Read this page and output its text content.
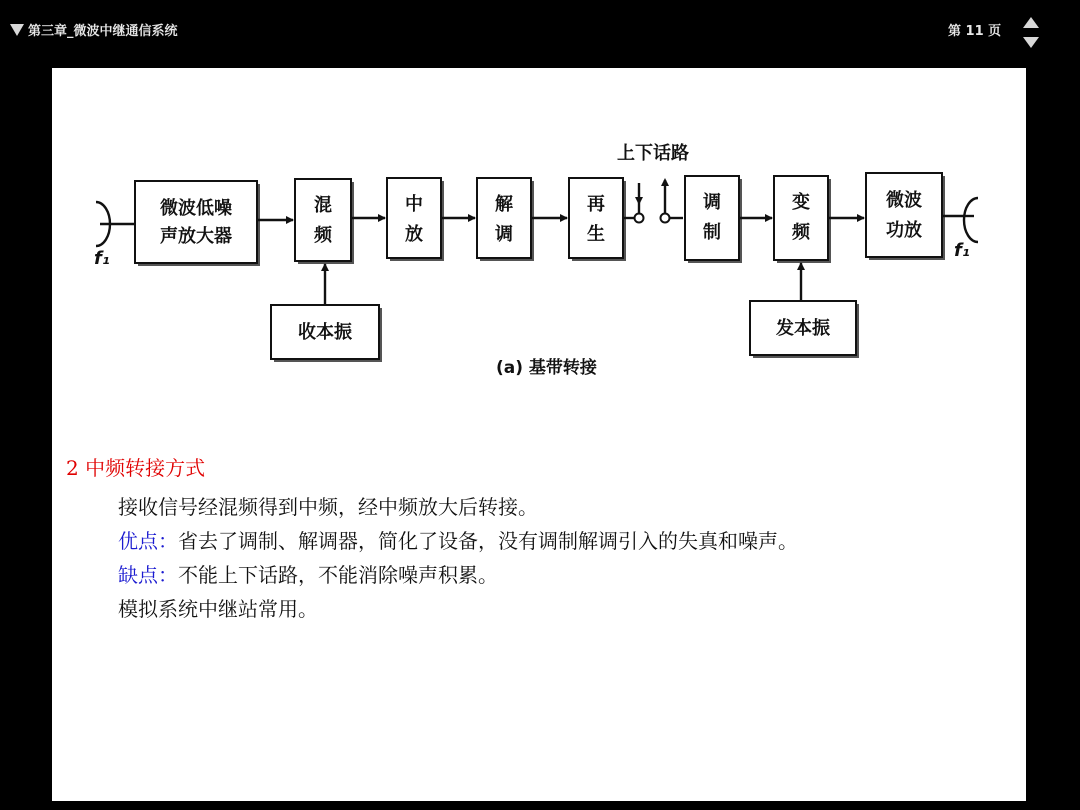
第三章_微波中继通信系统	第 11 页
f₁
微波低噪
声放大器
混
频
中
放
解
调
再
生
调
制
变
频
微波
功放
收本振	发本振
上下话路
f₁
(a) 基带转接
2 中频转接方式

接收信号经混频得到中频，经中频放大后转接。

优点：省去了调制、解调器，简化了设备，没有调制解调引入的失真和噪声。

缺点：不能上下话路，不能消除噪声积累。

模拟系统中继站常用。
